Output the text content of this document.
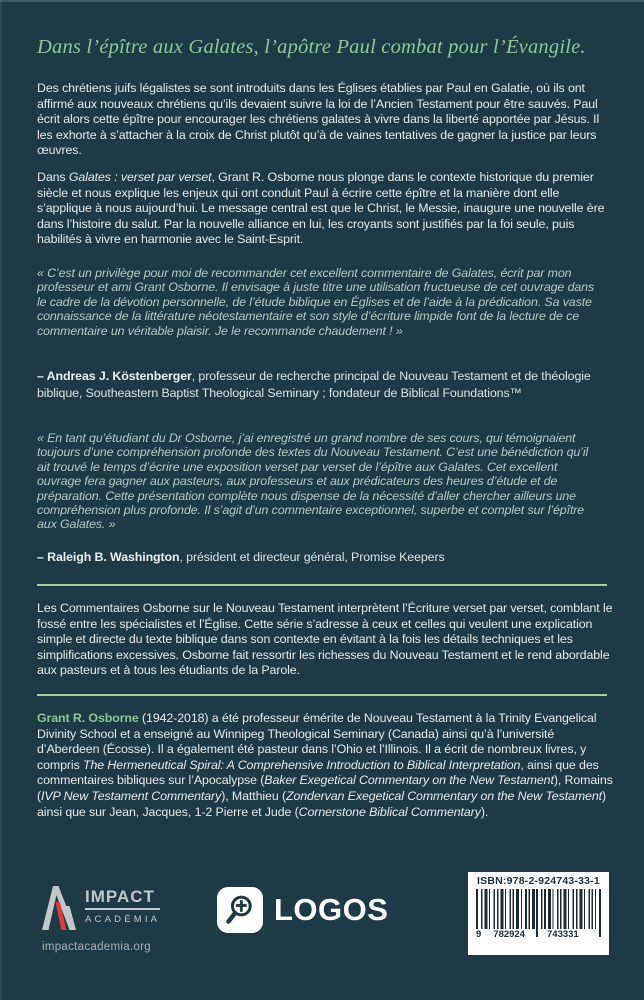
Dans l’épître aux Galates, l’apôtre Paul combat pour l’Évangile.

Des chrétiens juifs légalistes se sont introduits dans les Églises établies par Paul en Galatie, où ils ont affirmé aux nouveaux chrétiens qu’ils devaient suivre la loi de l’Ancien Testament pour être sauvés. Paul écrit alors cette épître pour encourager les chrétiens galates à vivre dans la liberté apportée par Jésus. Il les exhorte à s’attacher à la croix de Christ plutôt qu’à de vaines tentatives de gagner la justice par leurs œuvres.

Dans Galates : verset par verset, Grant R. Osborne nous plonge dans le contexte historique du premier siècle et nous explique les enjeux qui ont conduit Paul à écrire cette épître et la manière dont elle s’applique à nous aujourd’hui. Le message central est que le Christ, le Messie, inaugure une nouvelle ère dans l’histoire du salut. Par la nouvelle alliance en lui, les croyants sont justifiés par la foi seule, puis habilités à vivre en harmonie avec le Saint-Esprit.

« C’est un privilège pour moi de recommander cet excellent commentaire de Galates, écrit par mon professeur et ami Grant Osborne. Il envisage à juste titre une utilisation fructueuse de cet ouvrage dans le cadre de la dévotion personnelle, de l’étude biblique en Églises et de l’aide à la prédication. Sa vaste connaissance de la littérature néotestamentaire et son style d’écriture limpide font de la lecture de ce commentaire un véritable plaisir. Je le recommande chaudement ! »

– Andreas J. Köstenberger, professeur de recherche principal de Nouveau Testament et de théologie biblique, Southeastern Baptist Theological Seminary ; fondateur de Biblical Foundations™

« En tant qu’étudiant du Dr Osborne, j’ai enregistré un grand nombre de ses cours, qui témoignaient toujours d’une compréhension profonde des textes du Nouveau Testament. C’est une bénédiction qu’il ait trouvé le temps d’écrire une exposition verset par verset de l’épître aux Galates. Cet excellent ouvrage fera gagner aux pasteurs, aux professeurs et aux prédicateurs des heures d’étude et de préparation. Cette présentation complète nous dispense de la nécessité d’aller chercher ailleurs une compréhension plus profonde. Il s’agit d’un commentaire exceptionnel, superbe et complet sur l’épître aux Galates. »

– Raleigh B. Washington, président et directeur général, Promise Keepers

Les Commentaires Osborne sur le Nouveau Testament interprètent l’Écriture verset par verset, comblant le fossé entre les spécialistes et l’Église. Cette série s’adresse à ceux et celles qui veulent une explication simple et directe du texte biblique dans son contexte en évitant à la fois les détails techniques et les simplifications excessives. Osborne fait ressortir les richesses du Nouveau Testament et le rend abordable aux pasteurs et à tous les étudiants de la Parole.

Grant R. Osborne (1942-2018) a été professeur émérite de Nouveau Testament à la Trinity Evangelical Divinity School et a enseigné au Winnipeg Theological Seminary (Canada) ainsi qu’à l’université d’Aberdeen (Écosse). Il a également été pasteur dans l’Ohio et l’Illinois. Il a écrit de nombreux livres, y compris The Hermeneutical Spiral: A Comprehensive Introduction to Biblical Interpretation, ainsi que des commentaires bibliques sur l’Apocalypse (Baker Exegetical Commentary on the New Testament), Romains (IVP New Testament Commentary), Matthieu (Zondervan Exegetical Commentary on the New Testament) ainsi que sur Jean, Jacques, 1-2 Pierre et Jude (Cornerstone Biblical Commentary).

IMPACT
ACADÉMIA
impactacademia.org
LOGOS
ISBN:978-2-924743-33-1
9 782924 743331
